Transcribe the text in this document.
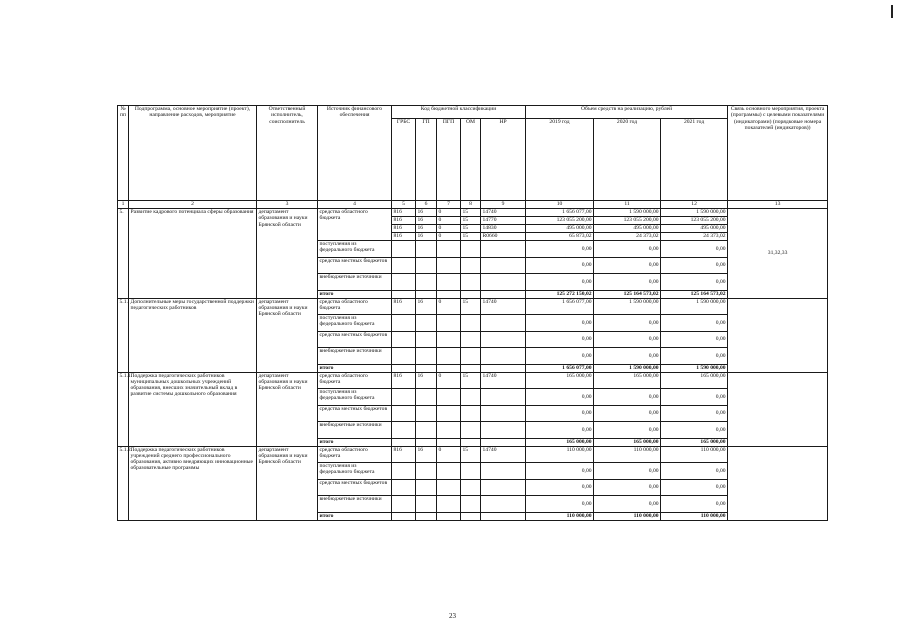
№ пп	Подпрограмма, основное мероприятие (проект), направление расходов, мероприятие	Ответственный исполнитель, соисполнитель	Источник финансового обеспечения	Код бюджетной классификации					Объем средств на реализацию, рублей			Связь основного мероприятия, проекта (программы) с целевыми показателями (индикаторами) (порядковые номера показателей (индикаторов))
				ГРБС	ГП	ПГП	ОМ	НР	2019 год	2020 год	2021 год	
1	2	3	4	5	6	7	8	9	10	11	12	13
5.	Развитие кадрового потенциала сферы образования	департамент образования и науки Брянской области	средства областного бюджета	816	16	0	15	14740	1 656 077,00	1 590 000,00	1 590 000,00	31,32,33
				816	16	0	15	14770	123 055 200,00	123 055 200,00	123 055 200,00	
				816	16	0	15	14830	495 000,00	495 000,00	495 000,00	
				816	16	0	15	R0660	65 873,02	24 373,02	24 373,02	
			поступления из федерального бюджета						0,00	0,00	0,00	
			средства местных бюджетов						0,00	0,00	0,00	
			внебюджетные источники						0,00	0,00	0,00	
			итого						125 272 150,02	125 164 573,02	125 164 573,02	
5.1.	Дополнительные меры государственной поддержки педагогических работников	департамент образования и науки Брянской области	средства областного бюджета	816	16	0	15	14740	1 656 077,00	1 590 000,00	1 590 000,00	
			поступления из федерального бюджета						0,00	0,00	0,00	
			средства местных бюджетов						0,00	0,00	0,00	
			внебюджетные источники						0,00	0,00	0,00	
			итого						1 656 077,00	1 590 000,00	1 590 000,00	
5.1.1.	Поддержка педагогических работников муниципальных дошкольных учреждений образования, внесших значительный вклад в развитие системы дошкольного образования	департамент образования и науки Брянской области	средства областного бюджета	816	16	0	15	14740	165 000,00	165 000,00	165 000,00	
			поступления из федерального бюджета						0,00	0,00	0,00	
			средства местных бюджетов						0,00	0,00	0,00	
			внебюджетные источники						0,00	0,00	0,00	
			итого						165 000,00	165 000,00	165 000,00	
5.1.2.	Поддержка педагогических работников учреждений среднего профессионального образования, активно внедряющих инновационные образовательные программы	департамент образования и науки Брянской области	средства областного бюджета	816	16	0	15	14740	110 000,00	110 000,00	110 000,00	
			поступления из федерального бюджета						0,00	0,00	0,00	
			средства местных бюджетов						0,00	0,00	0,00	
			внебюджетные источники						0,00	0,00	0,00	
			итого						110 000,00	110 000,00	110 000,00	
23
